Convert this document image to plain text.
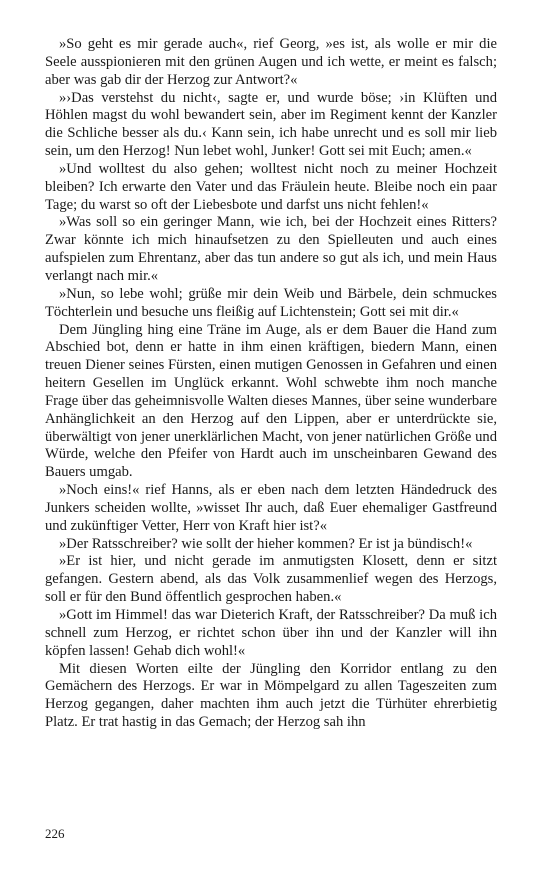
»So geht es mir gerade auch«, rief Georg, »es ist, als wolle er mir die Seele ausspionieren mit den grünen Augen und ich wette, er meint es falsch; aber was gab dir der Herzog zur Antwort?«

»›Das verstehst du nicht‹, sagte er, und wurde böse; ›in Klüften und Höhlen magst du wohl bewandert sein, aber im Regiment kennt der Kanzler die Schliche besser als du.‹ Kann sein, ich habe unrecht und es soll mir lieb sein, um den Herzog! Nun lebet wohl, Junker! Gott sei mit Euch; amen.«

»Und wolltest du also gehen; wolltest nicht noch zu meiner Hochzeit bleiben? Ich erwarte den Vater und das Fräulein heute. Bleibe noch ein paar Tage; du warst so oft der Liebesbote und darfst uns nicht fehlen!«

»Was soll so ein geringer Mann, wie ich, bei der Hochzeit eines Ritters? Zwar könnte ich mich hinaufsetzen zu den Spielleuten und auch eines aufspielen zum Ehrentanz, aber das tun andere so gut als ich, und mein Haus verlangt nach mir.«

»Nun, so lebe wohl; grüße mir dein Weib und Bärbele, dein schmuckes Töchterlein und besuche uns fleißig auf Lichtenstein; Gott sei mit dir.«

Dem Jüngling hing eine Träne im Auge, als er dem Bauer die Hand zum Abschied bot, denn er hatte in ihm einen kräftigen, biedern Mann, einen treuen Diener seines Fürsten, einen mutigen Genossen in Gefahren und einen heitern Gesellen im Unglück erkannt. Wohl schwebte ihm noch manche Frage über das geheimnisvolle Walten dieses Mannes, über seine wunderbare Anhänglichkeit an den Herzog auf den Lippen, aber er unterdrückte sie, überwältigt von jener unerklärlichen Macht, von jener natürlichen Größe und Würde, welche den Pfeifer von Hardt auch im unscheinbaren Gewand des Bauers umgab.

»Noch eins!« rief Hanns, als er eben nach dem letzten Händedruck des Junkers scheiden wollte, »wisset Ihr auch, daß Euer ehemaliger Gastfreund und zukünftiger Vetter, Herr von Kraft hier ist?«

»Der Ratsschreiber? wie sollt der hieher kommen? Er ist ja bündisch!«

»Er ist hier, und nicht gerade im anmutigsten Klosett, denn er sitzt gefangen. Gestern abend, als das Volk zusammenlief wegen des Herzogs, soll er für den Bund öffentlich gesprochen haben.«

»Gott im Himmel! das war Dieterich Kraft, der Ratsschreiber? Da muß ich schnell zum Herzog, er richtet schon über ihn und der Kanzler will ihn köpfen lassen! Gehab dich wohl!«

Mit diesen Worten eilte der Jüngling den Korridor entlang zu den Gemächern des Herzogs. Er war in Mömpelgard zu allen Tageszeiten zum Herzog gegangen, daher machten ihm auch jetzt die Türhüter ehrerbietig Platz. Er trat hastig in das Gemach; der Herzog sah ihn

226
